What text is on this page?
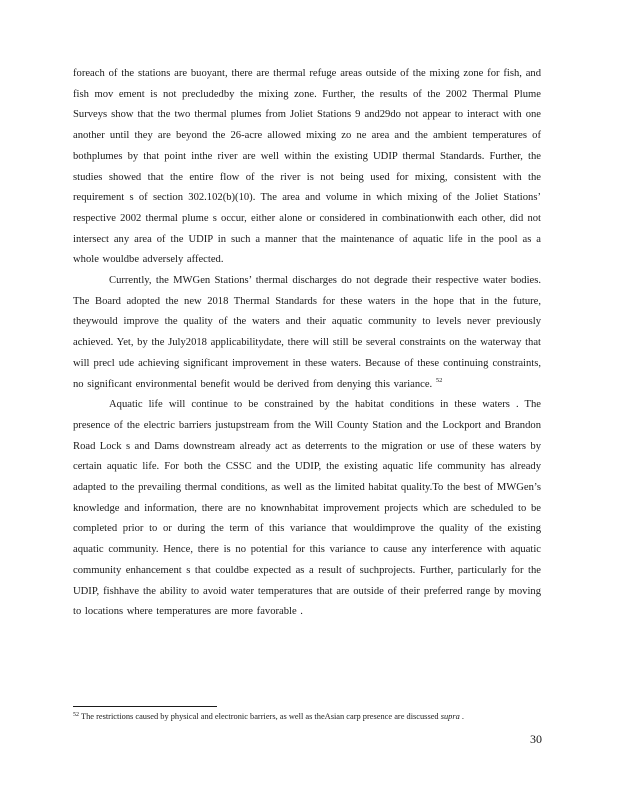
foreach of the stations are buoyant, there are thermal refuge areas outside of the mixing zone for fish, and fish mov ement is not precludedby the mixing zone. Further, the results of the 2002 Thermal Plume Surveys show that the two thermal plumes from Joliet Stations 9 and29do not appear to interact with one another until they are beyond the 26-acre allowed mixing zo ne area and the ambient temperatures of bothplumes by that point inthe river are well within the existing UDIP thermal Standards. Further, the studies showed that the entire flow of the river is not being used for mixing, consistent with the requirement s of section 302.102(b)(10). The area and volume in which mixing of the Joliet Stations’ respective 2002 thermal plume s occur, either alone or considered in combinationwith each other, did not intersect any area of the UDIP in such a manner that the maintenance of aquatic life in the pool as a whole wouldbe adversely affected.

Currently, the MWGen Stations’ thermal discharges do not degrade their respective water bodies. The Board adopted the new 2018 Thermal Standards for these waters in the hope that in the future, theywould improve the quality of the waters and their aquatic community to levels never previously achieved. Yet, by the July2018 applicabilitydate, there will still be several constraints on the waterway that will precl ude achieving significant improvement in these waters. Because of these continuing constraints, no significant environmental benefit would be derived from denying this variance. $^{52}$

Aquatic life will continue to be constrained by the habitat conditions in these waters . The presence of the electric barriers justupstream from the Will County Station and the Lockport and Brandon Road Lock s and Dams downstream already act as deterrents to the migration or use of these waters by certain aquatic life. For both the CSSC and the UDIP, the existing aquatic life community has already adapted to the prevailing thermal conditions, as well as the limited habitat quality.To the best of MWGen’s knowledge and information, there are no knownhabitat improvement projects which are scheduled to be completed prior to or during the term of this variance that wouldimprove the quality of the existing aquatic community. Hence, there is no potential for this variance to cause any interference with aquatic community enhancement s that couldbe expected as a result of suchprojects. Further, particularly for the UDIP, fishhave the ability to avoid water temperatures that are outside of their preferred range by moving to locations where temperatures are more favorable .

$^{52}$ The restrictions caused by physical and electronic barriers, as well as theAsian carp presence are discussed supra .
30
